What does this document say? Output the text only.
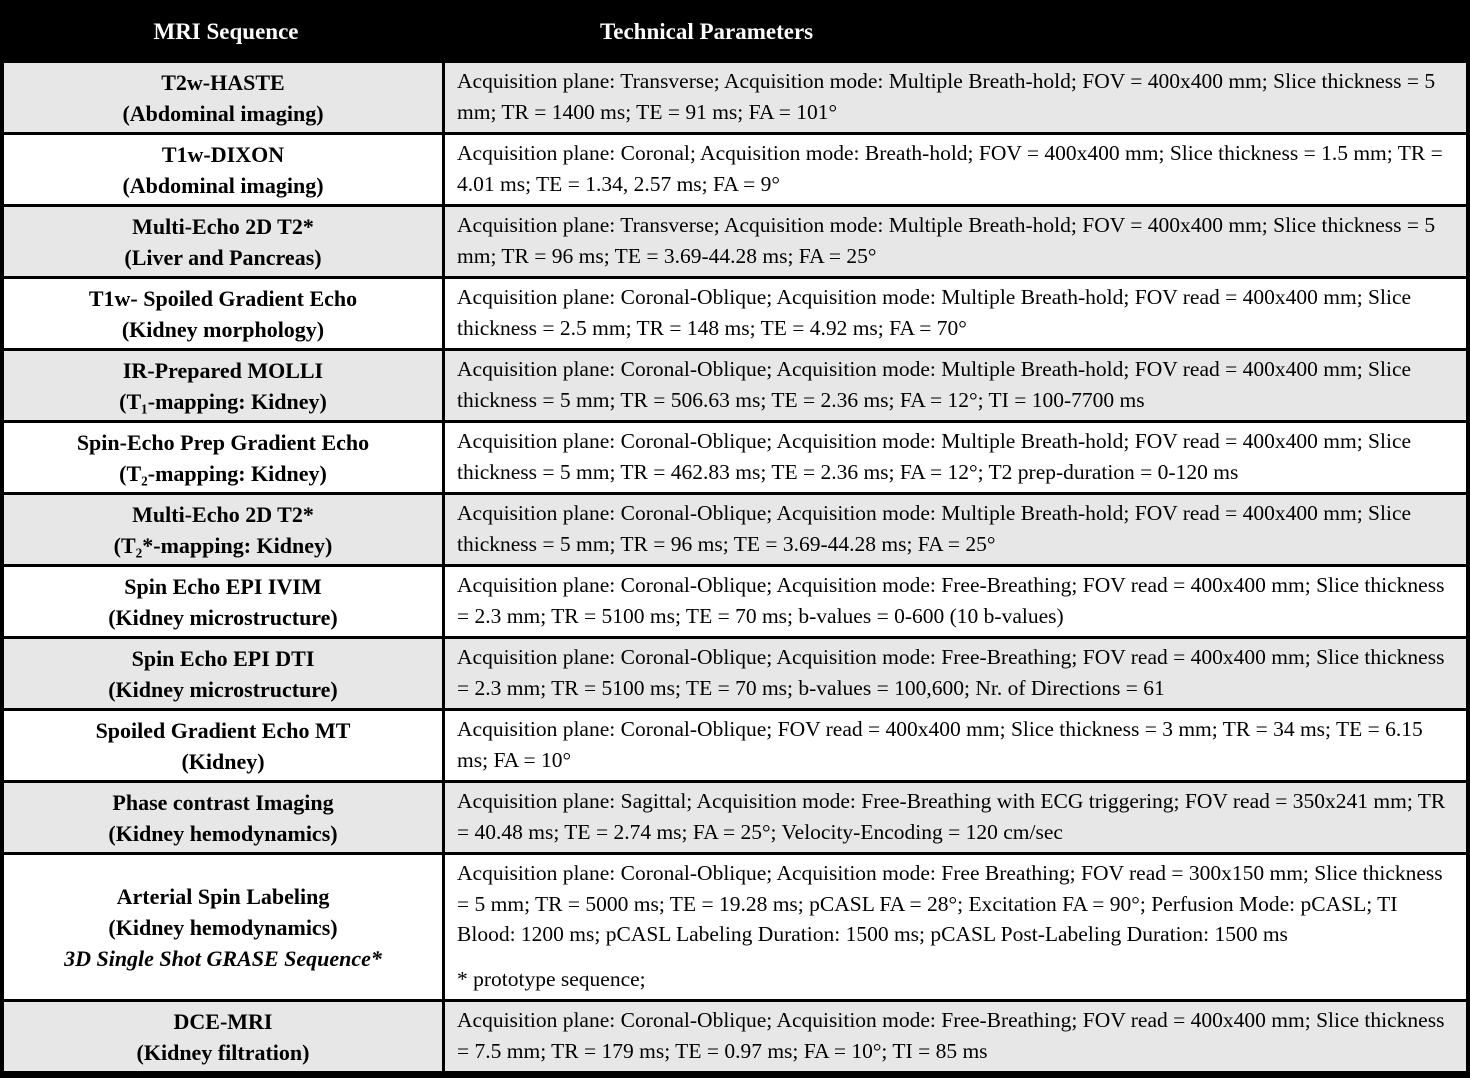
MRI Sequence	Technical Parameters
T2w-HASTE
(Abdominal imaging)

Acquisition plane: Transverse; Acquisition mode: Multiple Breath-hold; FOV = 400x400 mm; Slice thickness = 5 mm; TR = 1400 ms; TE = 91 ms; FA = 101°

T1w-DIXON
(Abdominal imaging)

Acquisition plane: Coronal; Acquisition mode: Breath-hold; FOV = 400x400 mm; Slice thickness = 1.5 mm; TR = 4.01 ms; TE = 1.34, 2.57 ms; FA = 9°

Multi-Echo 2D T2*
(Liver and Pancreas)

Acquisition plane: Transverse; Acquisition mode: Multiple Breath-hold; FOV = 400x400 mm; Slice thickness = 5 mm; TR = 96 ms; TE = 3.69-44.28 ms; FA = 25°

T1w- Spoiled Gradient Echo
(Kidney morphology)

Acquisition plane: Coronal-Oblique; Acquisition mode: Multiple Breath-hold; FOV read = 400x400 mm; Slice thickness = 2.5 mm; TR = 148 ms; TE = 4.92 ms; FA = 70°

IR-Prepared MOLLI
(T₁-mapping: Kidney)

Acquisition plane: Coronal-Oblique; Acquisition mode: Multiple Breath-hold; FOV read = 400x400 mm; Slice thickness = 5 mm; TR = 506.63 ms; TE = 2.36 ms; FA = 12°; TI = 100-7700 ms

Spin-Echo Prep Gradient Echo
(T₂-mapping: Kidney)

Acquisition plane: Coronal-Oblique; Acquisition mode: Multiple Breath-hold; FOV read = 400x400 mm; Slice thickness = 5 mm; TR = 462.83 ms; TE = 2.36 ms; FA = 12°; T2 prep-duration = 0-120 ms

Multi-Echo 2D T2*
(T₂*-mapping: Kidney)

Acquisition plane: Coronal-Oblique; Acquisition mode: Multiple Breath-hold; FOV read = 400x400 mm; Slice thickness = 5 mm; TR = 96 ms; TE = 3.69-44.28 ms; FA = 25°

Spin Echo EPI IVIM
(Kidney microstructure)

Acquisition plane: Coronal-Oblique; Acquisition mode: Free-Breathing; FOV read = 400x400 mm; Slice thickness = 2.3 mm; TR = 5100 ms; TE = 70 ms; b-values = 0-600 (10 b-values)

Spin Echo EPI DTI
(Kidney microstructure)

Acquisition plane: Coronal-Oblique; Acquisition mode: Free-Breathing; FOV read = 400x400 mm; Slice thickness = 2.3 mm; TR = 5100 ms; TE = 70 ms; b-values = 100,600; Nr. of Directions = 61

Spoiled Gradient Echo MT
(Kidney)

Acquisition plane: Coronal-Oblique; FOV read = 400x400 mm; Slice thickness = 3 mm; TR = 34 ms; TE = 6.15 ms; FA = 10°

Phase contrast Imaging
(Kidney hemodynamics)

Acquisition plane: Sagittal; Acquisition mode: Free-Breathing with ECG triggering; FOV read = 350x241 mm; TR = 40.48 ms; TE = 2.74 ms; FA = 25°; Velocity-Encoding = 120 cm/sec

Arterial Spin Labeling
(Kidney hemodynamics)
3D Single Shot GRASE Sequence*

Acquisition plane: Coronal-Oblique; Acquisition mode: Free Breathing; FOV read = 300x150 mm; Slice thickness = 5 mm; TR = 5000 ms; TE = 19.28 ms; pCASL FA = 28°; Excitation FA = 90°; Perfusion Mode: pCASL; TI Blood: 1200 ms; pCASL Labeling Duration: 1500 ms; pCASL Post-Labeling Duration: 1500 ms

* prototype sequence;

DCE-MRI
(Kidney filtration)

Acquisition plane: Coronal-Oblique; Acquisition mode: Free-Breathing; FOV read = 400x400 mm; Slice thickness = 7.5 mm; TR = 179 ms; TE = 0.97 ms; FA = 10°; TI = 85 ms
